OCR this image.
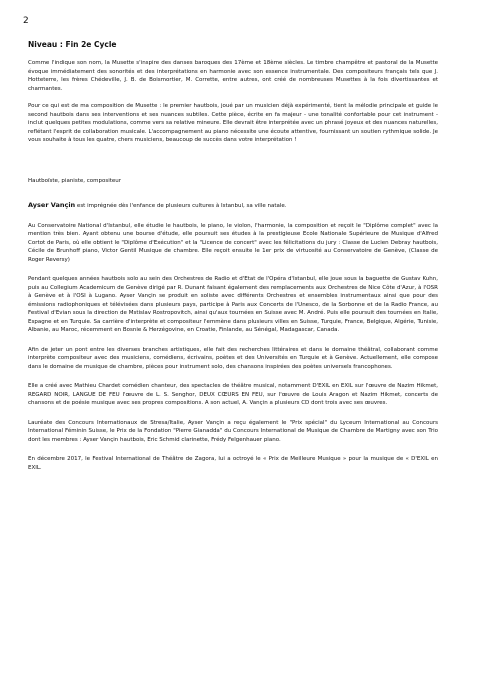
2
Niveau : Fin 2e Cycle

Comme l'indique son nom, la Musette s'inspire des danses baroques des 17ème et 18ème siècles. Le timbre champêtre et pastoral de la Musette évoque immédiatement des sonorités et des interprétations en harmonie avec son essence instrumentale. Des compositeurs français tels que J. Hotteterre, les frères Chédeville, J. B. de Boismortier, M. Corrette, entre autres, ont créé de nombreuses Musettes à la fois divertissantes et charmantes.

Pour ce qui est de ma composition de Musette : le premier hautbois, joué par un musicien déjà expérimenté, tient la mélodie principale et guide le second hautbois dans ses interventions et ses nuances subtiles. Cette pièce, écrite en fa majeur - une tonalité confortable pour cet instrument - inclut quelques petites modulations, comme vers sa relative mineure. Elle devrait être interprétée avec un phrasé joyeux et des nuances naturelles, reflétant l'esprit de collaboration musicale. L'accompagnement au piano nécessite une écoute attentive, fournissant un soutien rythmique solide. Je vous souhaite à tous les quatre, chers musiciens, beaucoup de succès dans votre interprétation !

Hautboïste, pianiste, compositeur

Ayser Vançin est imprégnée dès l'enfance de plusieurs cultures à Istanbul, sa ville natale.

Au Conservatoire National d'Istanbul, elle étudie le hautbois, le piano, le violon, l'harmonie, la composition et reçoit le "Diplôme complet" avec la mention très bien. Ayant obtenu une bourse d'étude, elle poursuit ses études à la prestigieuse Ecole Nationale Supérieure de Musique d'Alfred Cortot de Paris, où elle obtient le "Diplôme d'Exécution" et la "Licence de concert" avec les félicitations du jury : Classe de Lucien Debray hautbois, Cécile de Brunhoff piano, Victor Gentil Musique de chambre. Elle reçoit ensuite le 1er prix de virtuosité au Conservatoire de Genève, (Classe de Roger Reversy)

Pendant quelques années hautbois solo au sein des Orchestres de Radio et d'Etat de l'Opéra d'Istanbul, elle joue sous la baguette de Gustav Kuhn, puis au Collegium Academicum de Genève dirigé par R. Dunant faisant également des remplacements aux Orchestres de Nice Côte d'Azur, à l'OSR à Genève et à l'OSI à Lugano. Ayser Vançin se produit en soliste avec différents Orchestres et ensembles instrumentaux ainsi que pour des émissions radiophoniques et télévisées dans plusieurs pays, participe à Paris aux Concerts de l'Unesco, de la Sorbonne et de la Radio France, au Festival d'Evian sous la direction de Mstislav Rostropovitch, ainsi qu'aux tournées en Suisse avec M. André. Puis elle poursuit des tournées en Italie, Espagne et en Turquie. Sa carrière d'interprète et compositeur l'emmène dans plusieurs villes en Suisse, Turquie, France, Belgique, Algérie, Tunisie, Albanie, au Maroc, récemment en Bosnie & Herzégovine, en Croatie, Finlande, au Sénégal, Madagascar, Canada.

Afin de jeter un pont entre les diverses branches artistiques, elle fait des recherches littéraires et dans le domaine théâtral, collaborant comme interprète compositeur avec des musiciens, comédiens, écrivains, poètes et des Universités en Turquie et à Genève. Actuellement, elle compose dans le domaine de musique de chambre, pièces pour instrument solo, des chansons inspirées des poètes universels francophones.

Elle a créé avec Mathieu Chardet comédien chanteur, des spectacles de théâtre musical, notamment D'EXIL en EXIL sur l'œuvre de Nazim Hikmet, REGARD NOIR, LANGUE DE FEU l'œuvre de L. S. Senghor, DEUX CŒURS EN FEU, sur l'œuvre de Louis Aragon et Nazim Hikmet, concerts de chansons et de poésie musique avec ses propres compositions. A son actuel, A. Vançin a plusieurs CD dont trois avec ses œuvres.

Lauréate des Concours Internationaux de Stresa/Italie, Ayser Vançin a reçu également le "Prix spécial" du Lyceum International au Concours International Féminin Suisse, le Prix de la Fondation "Pierre Gianadda" du Concours International de Musique de Chambre de Martigny avec son Trio dont les membres : Ayser Vançin hautbois, Eric Schmid clarinette, Frédy Felgenhauer piano.

En décembre 2017, le Festival International de Théâtre de Zagora, lui a octroyé le « Prix de Meilleure Musique » pour la musique de « D'EXIL en EXIL.
